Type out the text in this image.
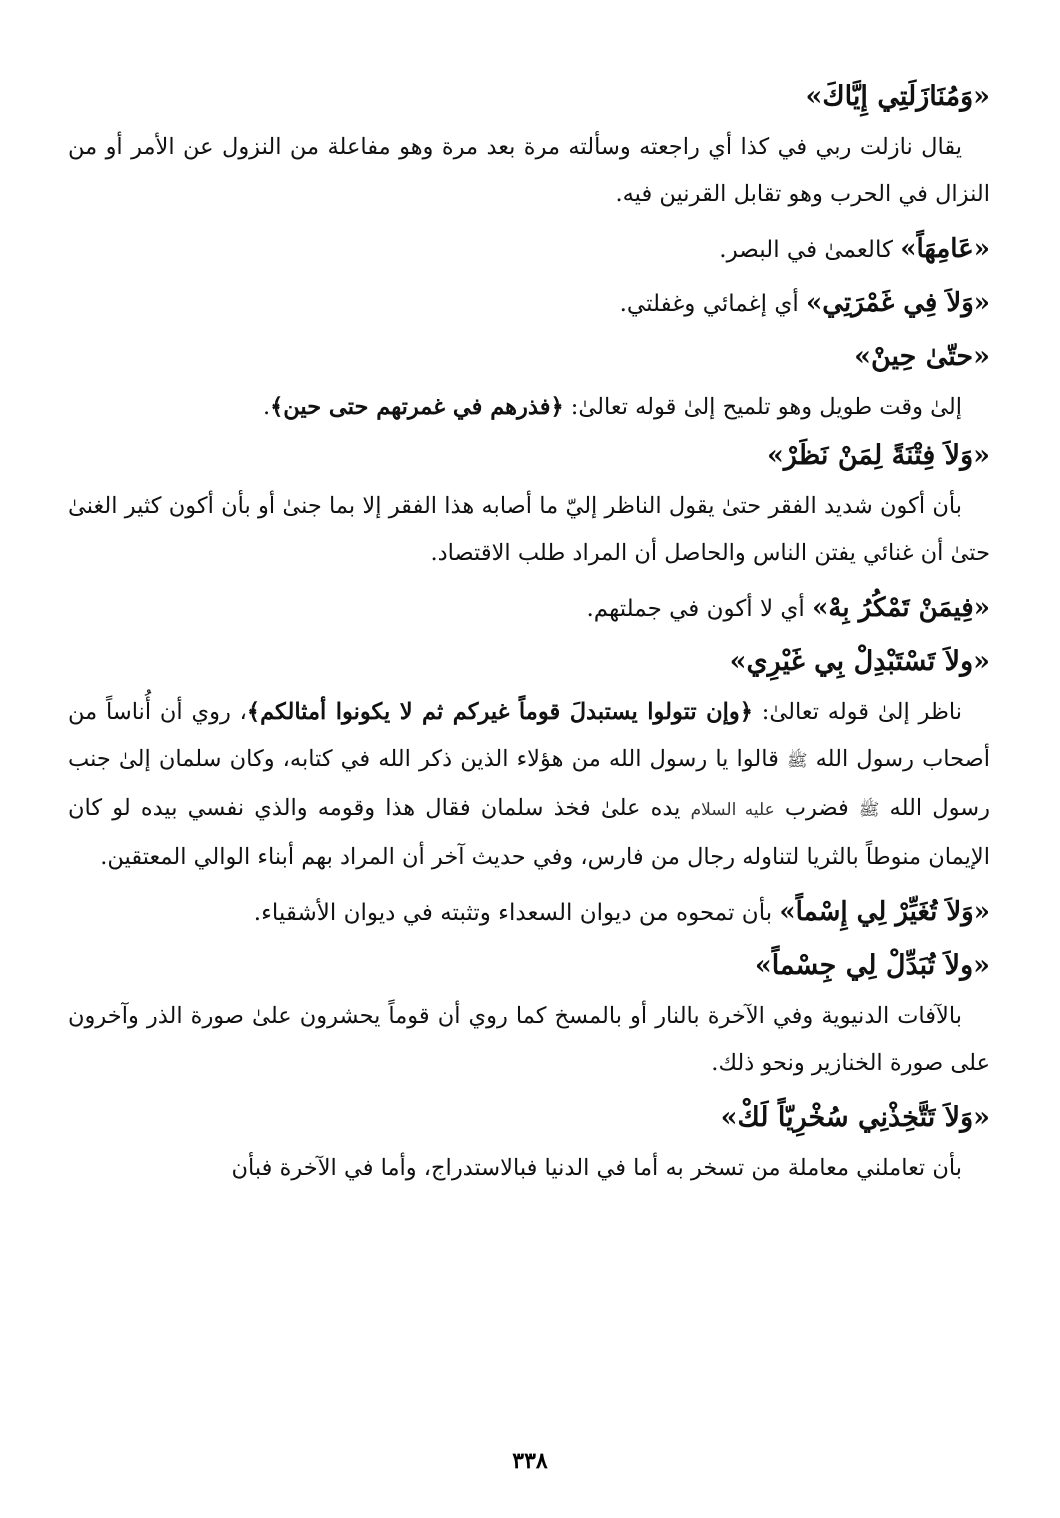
«وَمُنَازَلَتِي إِيَّاكَ»

يقال نازلت ربي في كذا أي راجعته وسألته مرة بعد مرة وهو مفاعلة من النزول عن الأمر أو من النزال في الحرب وهو تقابل القرنين فيه.

«عَامِهَاً» كالعمىٰ في البصر.
«وَلاَ فِي غَمْرَتِي» أي إغمائي وغفلتي.
«حتّىٰ حِينْ»

إلىٰ وقت طويل وهو تلميح إلىٰ قوله تعالىٰ: ﴿فذرهم في غمرتهم حتى حين﴾.

«وَلاَ فِتْنَةً لِمَنْ نَظَرْ»

بأن أكون شديد الفقر حتىٰ يقول الناظر إليّ ما أصابه هذا الفقر إلا بما جنىٰ أو بأن أكون كثير الغنىٰ حتىٰ أن غنائي يفتن الناس والحاصل أن المراد طلب الاقتصاد.

«فِيمَنْ تَمْكُرُ بِهْ» أي لا أكون في جملتهم.
«ولاَ تَسْتَبْدِلْ بِي غَيْرِي»

ناظر إلىٰ قوله تعالىٰ: ﴿وإن تتولوا يستبدلَ قوماً غيركم ثم لا يكونوا أمثالكم﴾، روي أن أُناساً من أصحاب رسول الله ﷺ قالوا يا رسول الله من هؤلاء الذين ذكر الله في كتابه، وكان سلمان إلىٰ جنب رسول الله ﷺ فضرب عليه السلام يده علىٰ فخذ سلمان فقال هذا وقومه والذي نفسي بيده لو كان الإيمان منوطاً بالثريا لتناوله رجال من فارس، وفي حديث آخر أن المراد بهم أبناء الوالي المعتقين.

«وَلاَ تُغَيِّرْ لِي إِسْماً» بأن تمحوه من ديوان السعداء وتثبته في ديوان الأشقياء.
«ولاَ تُبَدِّلْ لِي جِسْماً»

بالآفات الدنيوية وفي الآخرة بالنار أو بالمسخ كما روي أن قوماً يحشرون علىٰ صورة الذر وآخرون على صورة الخنازير ونحو ذلك.

«وَلاَ تَتَّخِذْنِي سُخْرِيّاً لَكْ»

بأن تعاملني معاملة من تسخر به أما في الدنيا فبالاستدراج، وأما في الآخرة فبأن

٣٣٨
